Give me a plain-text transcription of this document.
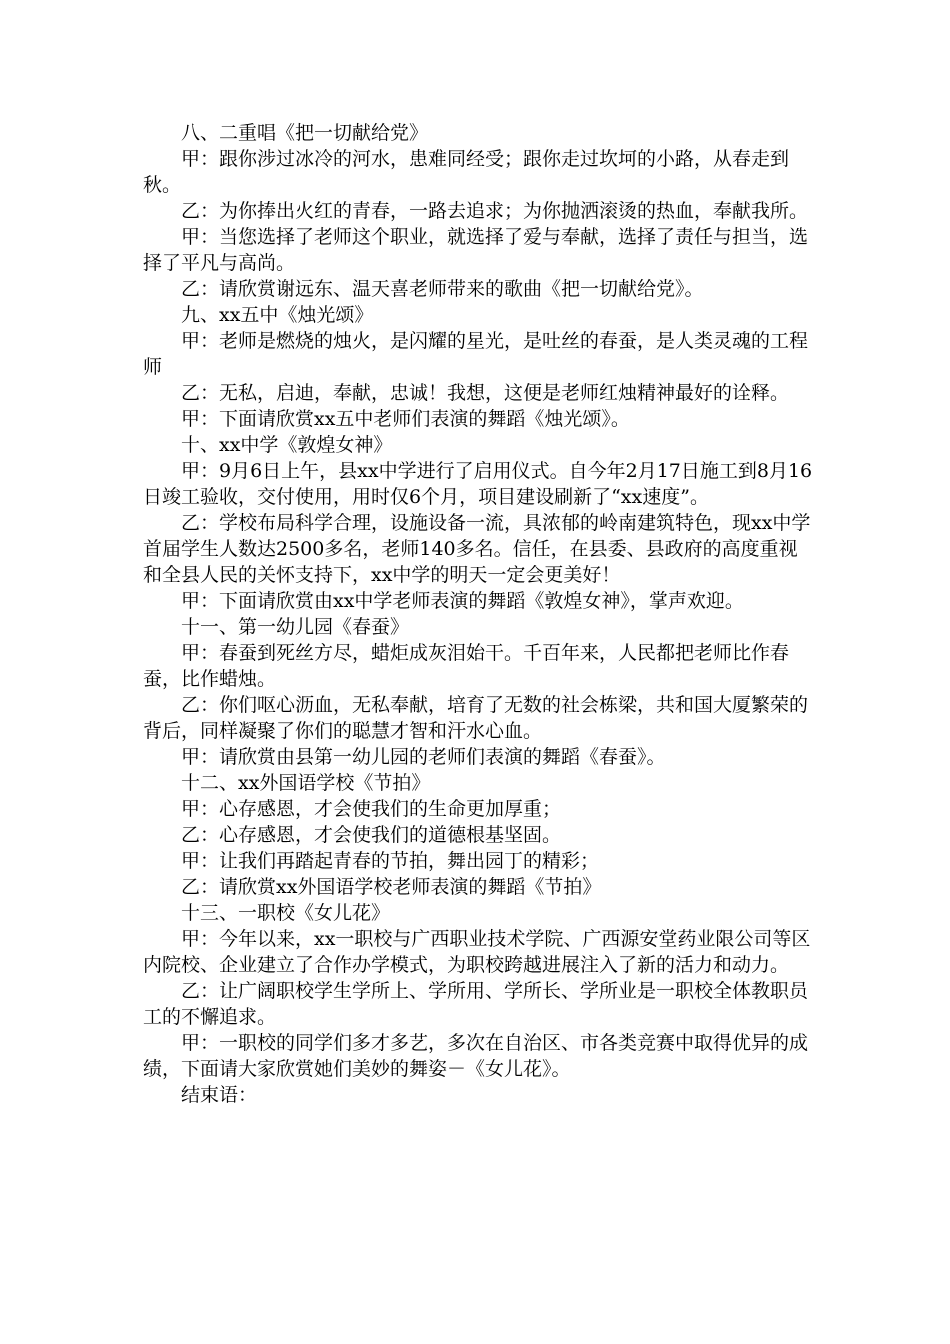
八、二重唱《把一切献给党》

甲：跟你涉过冰冷的河水，患难同经受；跟你走过坎坷的小路，从春走到秋。

乙：为你捧出火红的青春，一路去追求；为你抛洒滚烫的热血，奉献我所。

甲：当您选择了老师这个职业，就选择了爱与奉献，选择了责任与担当，选择了平凡与高尚。

乙：请欣赏谢远东、温天喜老师带来的歌曲《把一切献给党》。

九、xx五中《烛光颂》

甲：老师是燃烧的烛火，是闪耀的星光，是吐丝的春蚕，是人类灵魂的工程师

乙：无私，启迪，奉献，忠诚！我想，这便是老师红烛精神最好的诠释。

甲：下面请欣赏xx五中老师们表演的舞蹈《烛光颂》。

十、xx中学《敦煌女神》

甲：9月6日上午，县xx中学进行了启用仪式。自今年2月17日施工到8月16日竣工验收，交付使用，用时仅6个月，项目建设刷新了“xx速度”。

乙：学校布局科学合理，设施设备一流，具浓郁的岭南建筑特色，现xx中学首届学生人数达2500多名，老师140多名。信任，在县委、县政府的高度重视和全县人民的关怀支持下，xx中学的明天一定会更美好！

甲：下面请欣赏由xx中学老师表演的舞蹈《敦煌女神》，掌声欢迎。

十一、第一幼儿园《春蚕》

甲：春蚕到死丝方尽，蜡炬成灰泪始干。千百年来，人民都把老师比作春蚕，比作蜡烛。

乙：你们呕心沥血，无私奉献，培育了无数的社会栋梁，共和国大厦繁荣的背后，同样凝聚了你们的聪慧才智和汗水心血。

甲：请欣赏由县第一幼儿园的老师们表演的舞蹈《春蚕》。

十二、xx外国语学校《节拍》

甲：心存感恩，才会使我们的生命更加厚重；

乙：心存感恩，才会使我们的道德根基坚固。

甲：让我们再踏起青春的节拍，舞出园丁的精彩；

乙：请欣赏xx外国语学校老师表演的舞蹈《节拍》

十三、一职校《女儿花》

甲：今年以来，xx一职校与广西职业技术学院、广西源安堂药业限公司等区内院校、企业建立了合作办学模式，为职校跨越进展注入了新的活力和动力。

乙：让广阔职校学生学所上、学所用、学所长、学所业是一职校全体教职员工的不懈追求。

甲：一职校的同学们多才多艺，多次在自治区、市各类竞赛中取得优异的成绩，下面请大家欣赏她们美妙的舞姿－《女儿花》。

结束语：
